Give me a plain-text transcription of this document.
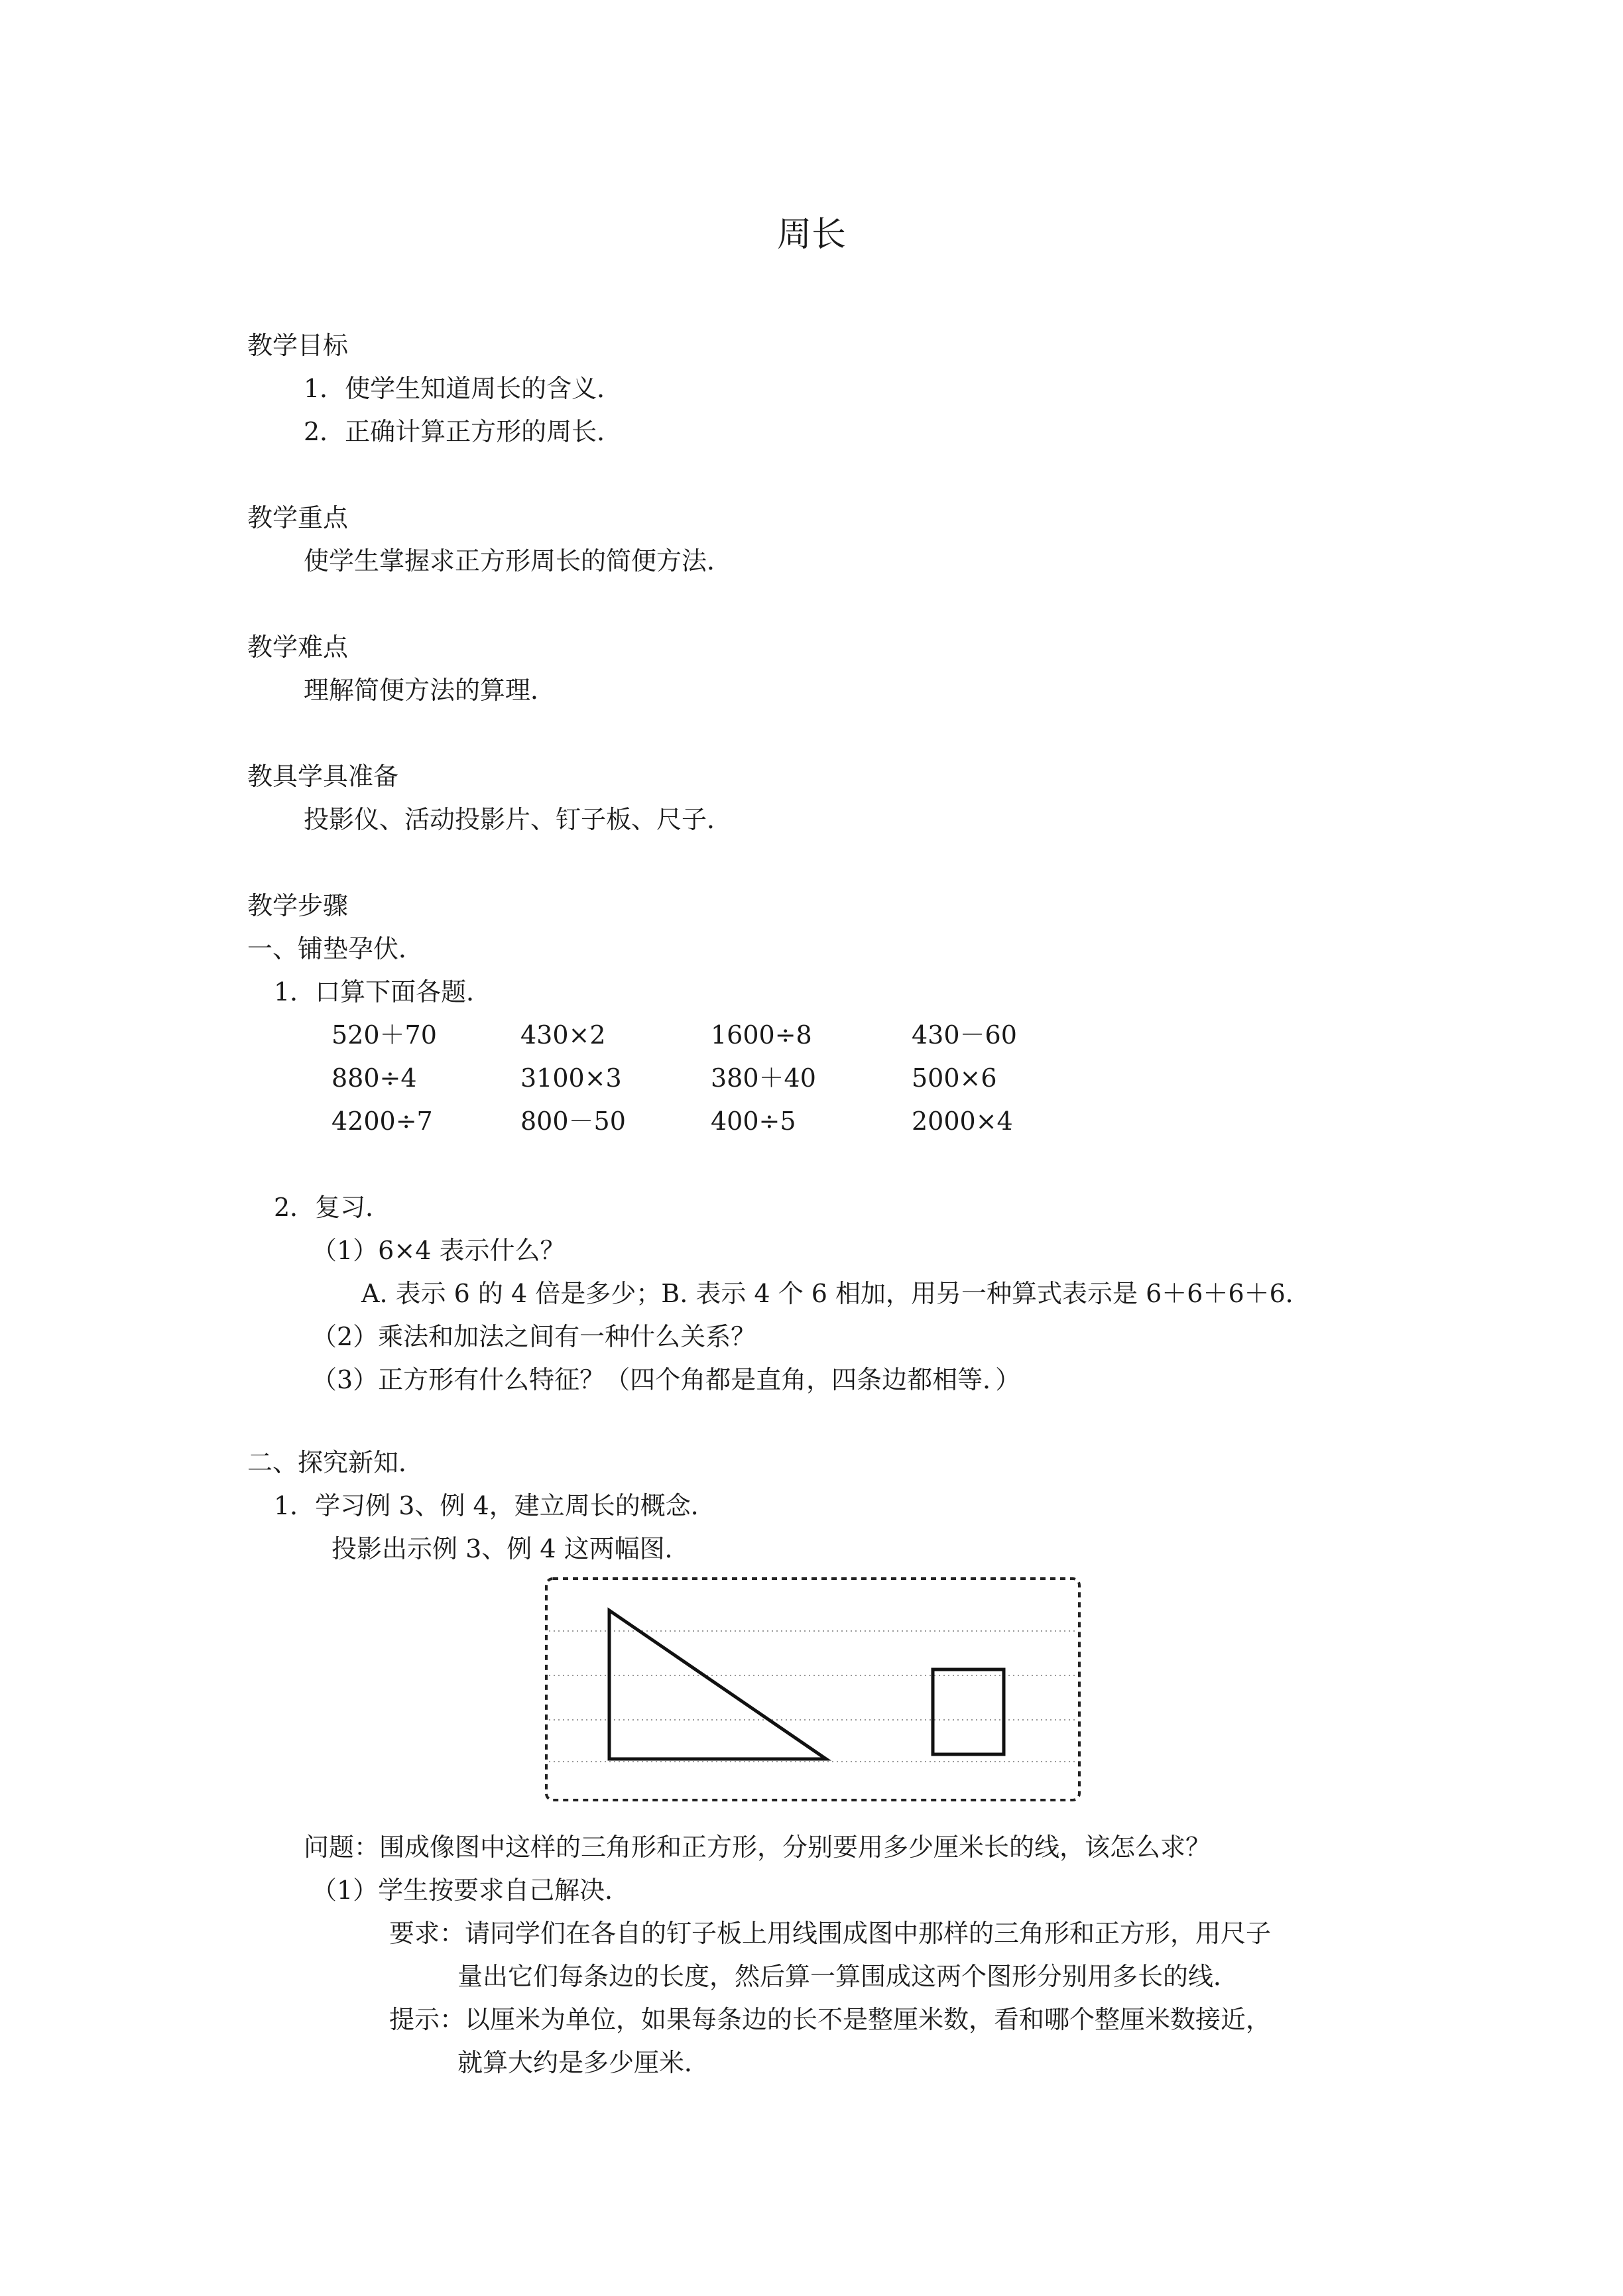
周长
教学目标
1．使学生知道周长的含义．
2．正确计算正方形的周长．
教学重点
使学生掌握求正方形周长的简便方法．
教学难点
理解简便方法的算理．
教具学具准备
投影仪、活动投影片、钉子板、尺子．
教学步骤
一、铺垫孕伏．
1．口算下面各题．
520＋70	430×2	1600÷8	430－60
880÷4	3100×3	380＋40	500×6
4200÷7	800－50	400÷5	2000×4
2．复习．
（1）6×4 表示什么？
A. 表示 6 的 4 倍是多少；B. 表示 4 个 6 相加，用另一种算式表示是 6＋6＋6＋6．
（2）乘法和加法之间有一种什么关系？
（3）正方形有什么特征？（四个角都是直角，四条边都相等．）
二、探究新知．
1．学习例 3、例 4，建立周长的概念．
投影出示例 3、例 4 这两幅图．
问题：围成像图中这样的三角形和正方形，分别要用多少厘米长的线，该怎么求？
（1）学生按要求自己解决．
要求：请同学们在各自的钉子板上用线围成图中那样的三角形和正方形，用尺子
量出它们每条边的长度，然后算一算围成这两个图形分别用多长的线．
提示：以厘米为单位，如果每条边的长不是整厘米数，看和哪个整厘米数接近，
就算大约是多少厘米．
